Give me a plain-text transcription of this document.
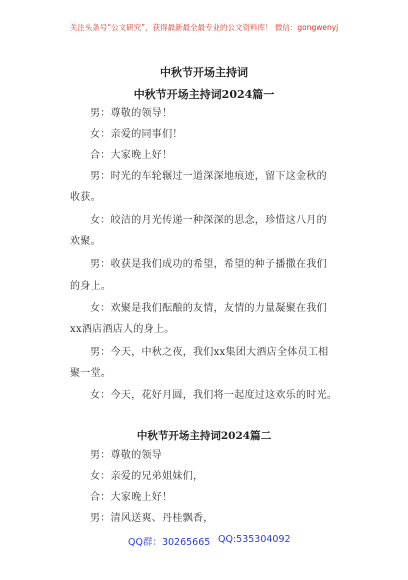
关注头条号“公文研究”，获得最新最全最专业的公文资料库！ 微信：gongwenyj
中秋节开场主持词
中秋节开场主持词2024篇一
男：尊敬的领导！
女：亲爱的同事们！
合：大家晚上好！
男：时光的车轮辗过一道深深地痕迹，留下这金秋的
收获。
女：皎洁的月光传递一种深深的思念，珍惜这八月的
欢聚。
男：收获是我们成功的希望，希望的种子播撒在我们
的身上。
女：欢聚是我们酝酿的友情，友情的力量凝聚在我们
xx酒店酒店人的身上。
男：今天，中秋之夜，我们xx集团大酒店全体员工相
聚一堂。
女：今天，花好月圆，我们将一起度过这欢乐的时光。
中秋节开场主持词2024篇二
男：尊敬的领导
女：亲爱的兄弟姐妹们，
合：大家晚上好！
男：清风送爽、丹桂飘香，
QQ群：30265665 QQ:535304092
